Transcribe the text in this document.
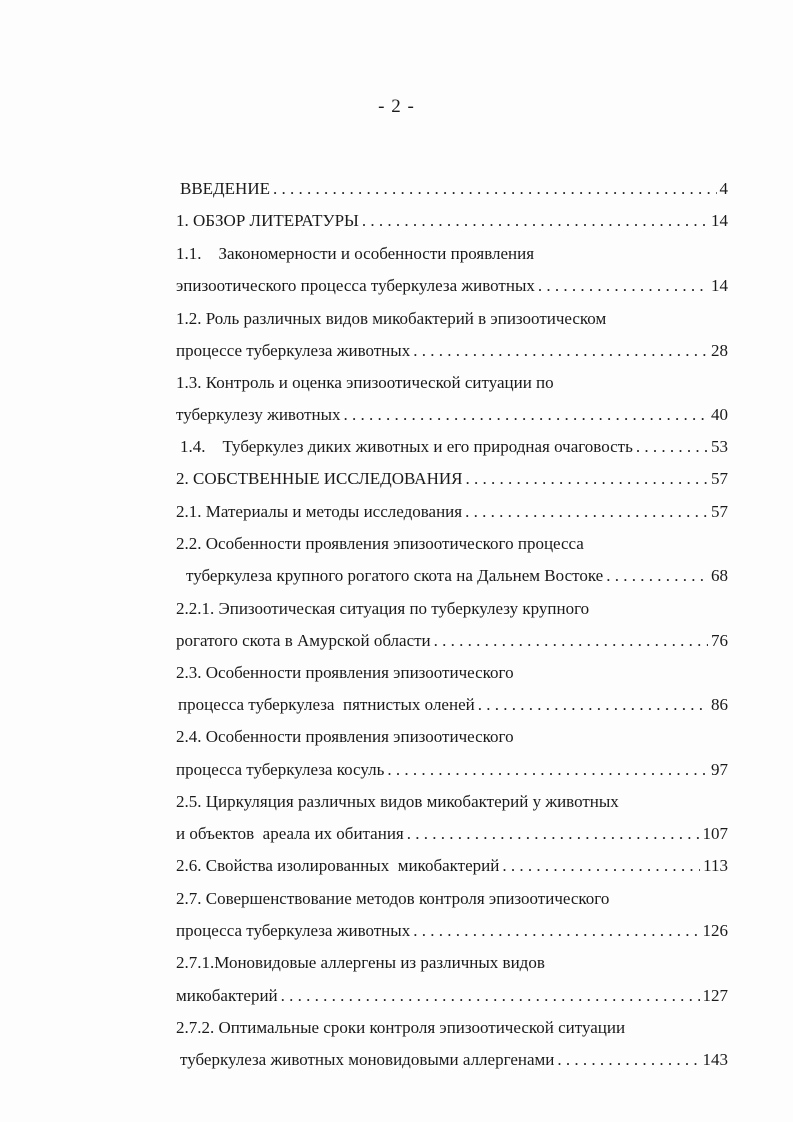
- 2 -
ВВЕДЕНИЕ . . .	4
1. ОБЗОР ЛИТЕРАТУРЫ . . .	14
1.1.    Закономерности и особенности проявления
эпизоотического процесса туберкулеза животных . . .	14
1.2. Роль различных видов микобактерий в эпизоотическом
процессе туберкулеза животных . . .	28
1.3. Контроль и оценка эпизоотической ситуации по
туберкулезу животных . . .	40
1.4.    Туберкулез диких животных и его природная очаговость . . .	53
2. СОБСТВЕННЫЕ ИССЛЕДОВАНИЯ . . .	57
2.1. Материалы и методы исследования . . .	57
2.2. Особенности проявления эпизоотического процесса
туберкулеза крупного рогатого скота на Дальнем Востоке . . .	68
2.2.1. Эпизоотическая ситуация по туберкулезу крупного
рогатого скота в Амурской области . . .	76
2.3. Особенности проявления эпизоотического
процесса туберкулеза  пятнистых оленей . . .	86
2.4. Особенности проявления эпизоотического
процесса туберкулеза косуль . . .	97
2.5. Циркуляция различных видов микобактерий у животных
и объектов  ареала их обитания . . .	107
2.6. Свойства изолированных  микобактерий . . .	113
2.7. Совершенствование методов контроля эпизоотического
процесса туберкулеза животных . . .	126
2.7.1.Моновидовые аллергены из различных видов
микобактерий . . .	127
2.7.2. Оптимальные сроки контроля эпизоотической ситуации
туберкулеза животных моновидовыми аллергенами . . .	143
